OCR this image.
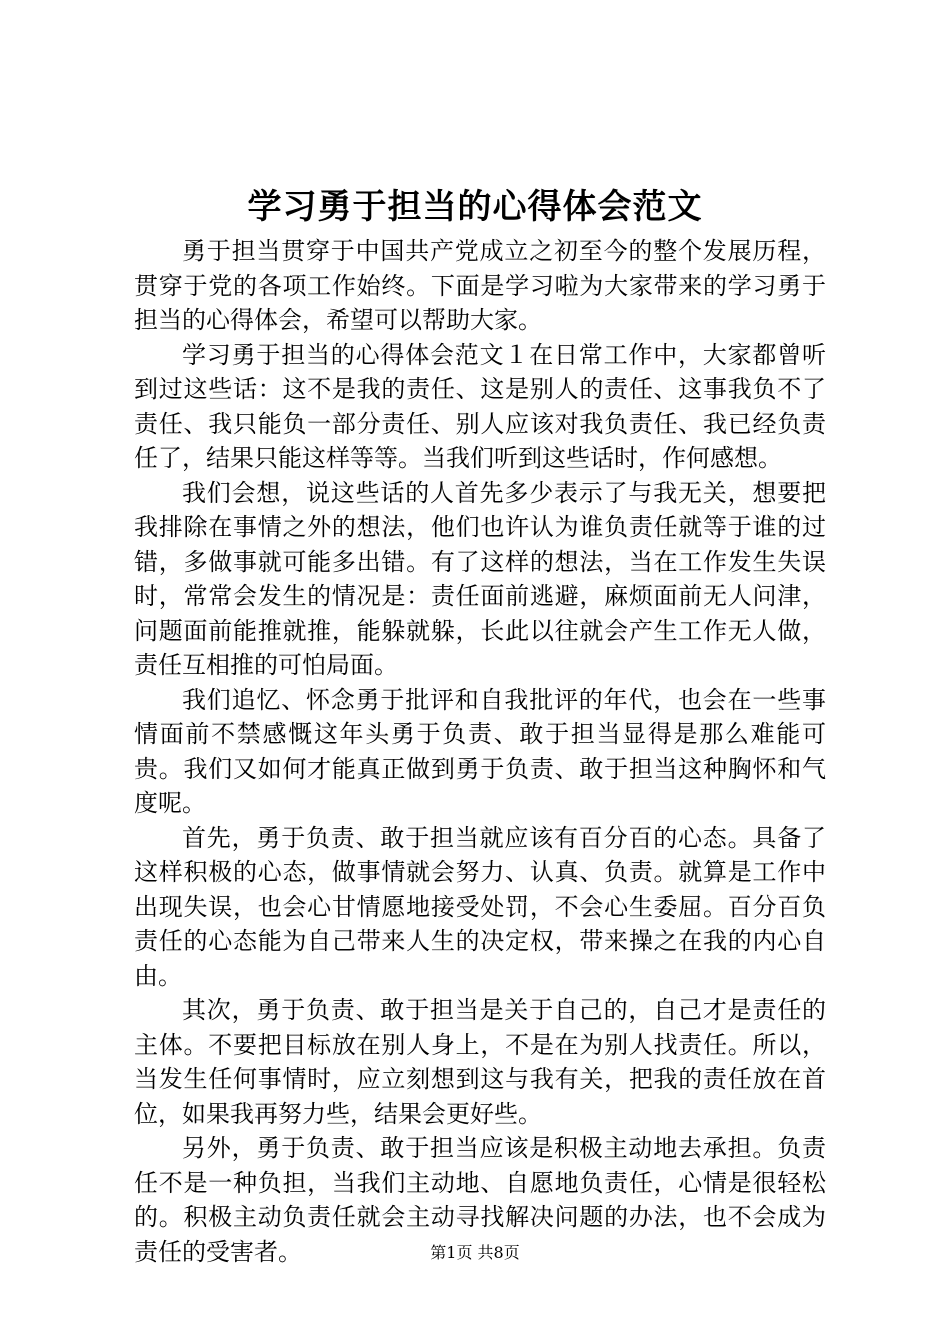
学习勇于担当的心得体会范文

勇于担当贯穿于中国共产党成立之初至今的整个发展历程，贯穿于党的各项工作始终。下面是学习啦为大家带来的学习勇于担当的心得体会，希望可以帮助大家。

学习勇于担当的心得体会范文１在日常工作中，大家都曾听到过这些话：这不是我的责任、这是别人的责任、这事我负不了责任、我只能负一部分责任、别人应该对我负责任、我已经负责任了，结果只能这样等等。当我们听到这些话时，作何感想。

我们会想，说这些话的人首先多少表示了与我无关，想要把我排除在事情之外的想法，他们也许认为谁负责任就等于谁的过错，多做事就可能多出错。有了这样的想法，当在工作发生失误时，常常会发生的情况是：责任面前逃避，麻烦面前无人问津，问题面前能推就推，能躲就躲，长此以往就会产生工作无人做，责任互相推的可怕局面。

我们追忆、怀念勇于批评和自我批评的年代，也会在一些事情面前不禁感慨这年头勇于负责、敢于担当显得是那么难能可贵。我们又如何才能真正做到勇于负责、敢于担当这种胸怀和气度呢。

首先，勇于负责、敢于担当就应该有百分百的心态。具备了这样积极的心态，做事情就会努力、认真、负责。就算是工作中出现失误，也会心甘情愿地接受处罚，不会心生委屈。百分百负责任的心态能为自己带来人生的决定权，带来操之在我的内心自由。

其次，勇于负责、敢于担当是关于自己的，自己才是责任的主体。不要把目标放在别人身上，不是在为别人找责任。所以，当发生任何事情时，应立刻想到这与我有关，把我的责任放在首位，如果我再努力些，结果会更好些。

另外，勇于负责、敢于担当应该是积极主动地去承担。负责任不是一种负担，当我们主动地、自愿地负责任，心情是很轻松的。积极主动负责任就会主动寻找解决问题的办法，也不会成为责任的受害者。	第1页 共8页
